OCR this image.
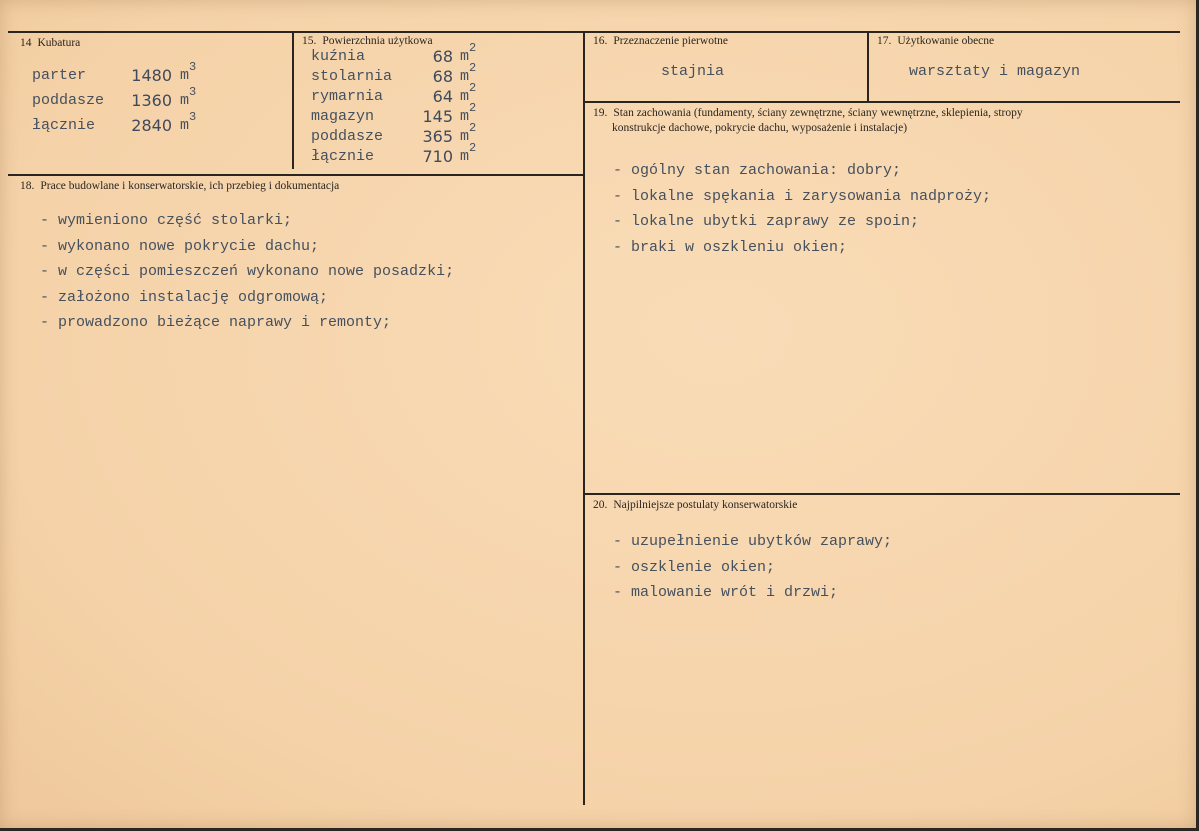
14 Kubatura
parter	1480 $m^3$
poddasze	1360 $m^3$
łącznie	2840 $m^3$
15. Powierzchnia użytkowa
kuźnia	68 $m^2$
stolarnia	68 $m^2$
rymarnia	64 $m^2$
magazyn	145 $m^2$
poddasze	365 $m^2$
łącznie	710 $m^2$
16. Przeznaczenie pierwotne
stajnia
17. Użytkowanie obecne
warsztaty i magazyn
18. Prace budowlane i konserwatorskie, ich przebieg i dokumentacja
- wymieniono część stolarki;
- wykonano nowe pokrycie dachu;
- w części pomieszczeń wykonano nowe posadzki;
- założono instalację odgromową;
- prowadzono bieżące naprawy i remonty;
19. Stan zachowania (fundamenty, ściany zewnętrzne, ściany wewnętrzne, sklepienia, stropy
konstrukcje dachowe, pokrycie dachu, wyposażenie i instalacje)
- ogólny stan zachowania: dobry;
- lokalne spękania i zarysowania nadproży;
- lokalne ubytki zaprawy ze spoin;
- braki w oszkleniu okien;
20. Najpilniejsze postulaty konserwatorskie
- uzupełnienie ubytków zaprawy;
- oszklenie okien;
- malowanie wrót i drzwi;
